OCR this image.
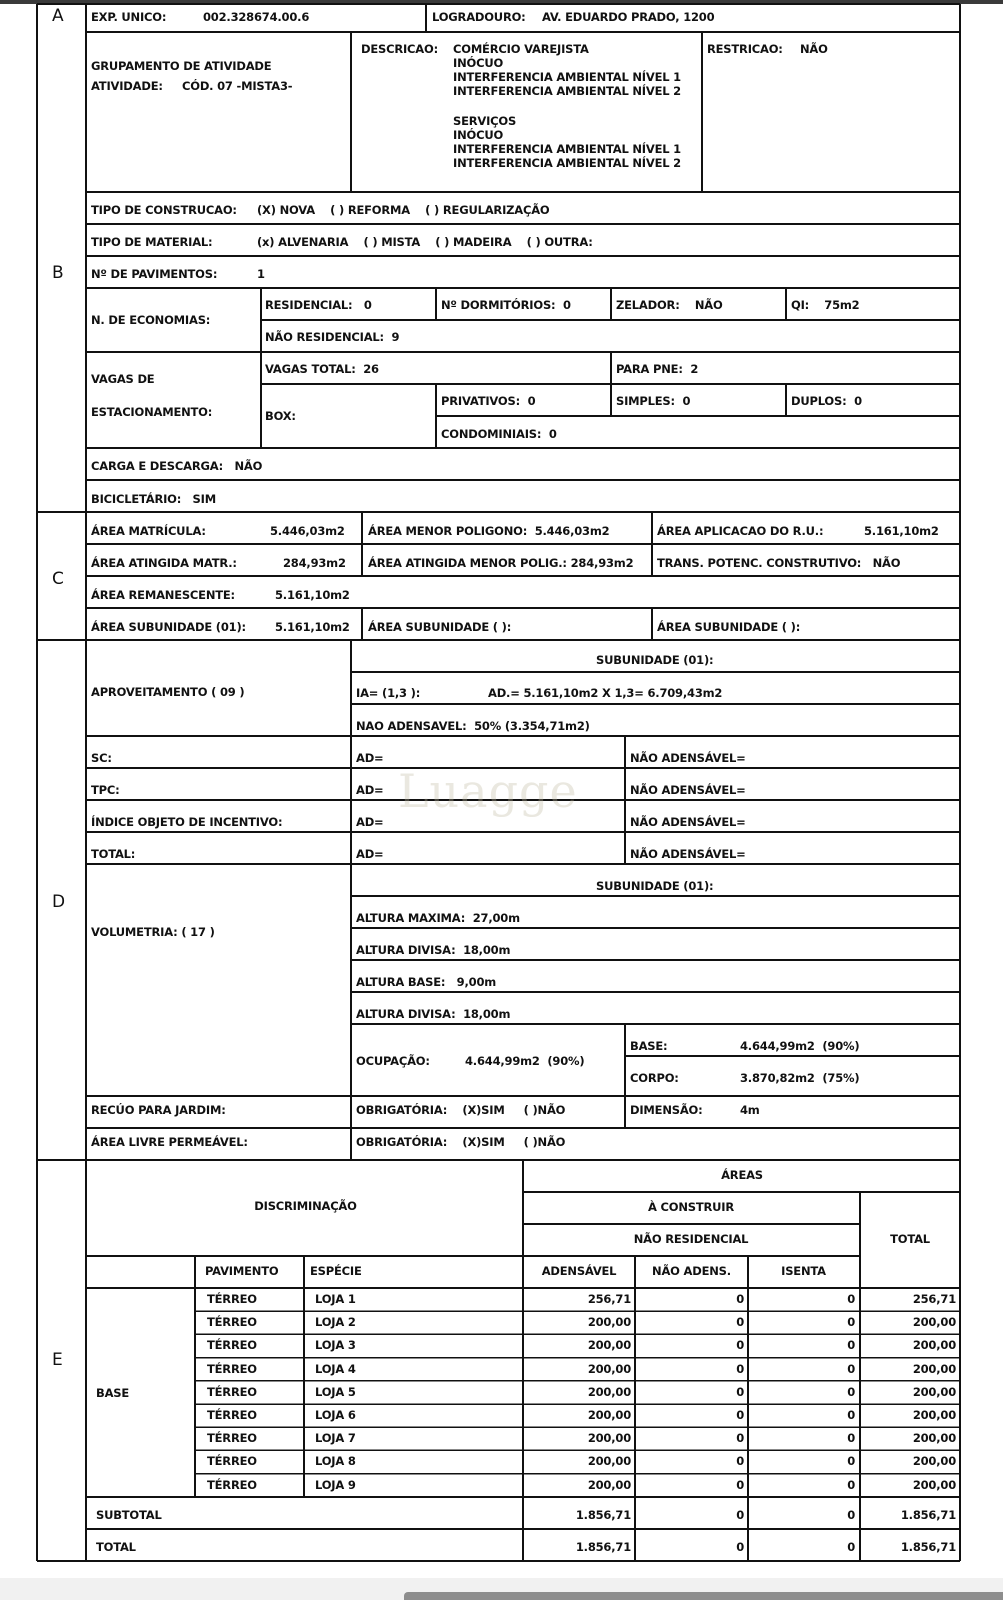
A
B
C
D
E
EXP. UNICO:	002.328674.00.6	LOGRADOURO: AV. EDUARDO PRADO, 1200
GRUPAMENTO DE ATIVIDADE
ATIVIDADE: CÓD. 07 -MISTA3-
DESCRICAO: COMÉRCIO VAREJISTA
INÓCUO
INTERFERENCIA AMBIENTAL NÍVEL 1
INTERFERENCIA AMBIENTAL NÍVEL 2
SERVIÇOS
INÓCUO
INTERFERENCIA AMBIENTAL NÍVEL 1
INTERFERENCIA AMBIENTAL NÍVEL 2
RESTRICAO: NÃO
TIPO DE CONSTRUCAO: (X) NOVA    ( ) REFORMA    ( ) REGULARIZAÇÃO
TIPO DE MATERIAL:	(x) ALVENARIA    ( ) MISTA    ( ) MADEIRA    ( ) OUTRA:
Nº DE PAVIMENTOS:	1
N. DE ECONOMIAS:
RESIDENCIAL:   0	Nº DORMITÓRIOS:  0	ZELADOR:    NÃO	QI:    75m2
NÃO RESIDENCIAL:  9
VAGAS DE
ESTACIONAMENTO:
VAGAS TOTAL:  26	PARA PNE:  2
BOX:
PRIVATIVOS:  0	SIMPLES:  0	DUPLOS:  0
CONDOMINIAIS:  0
CARGA E DESCARGA:   NÃO
BICICLETÁRIO:   SIM
ÁREA MATRÍCULA:	5.446,03m2 ÁREA MENOR POLIGONO:  5.446,03m2	ÁREA APLICACAO DO R.U.:	5.161,10m2
ÁREA ATINGIDA MATR.:	284,93m2 ÁREA ATINGIDA MENOR POLIG.: 284,93m2 TRANS. POTENC. CONSTRUTIVO:   NÃO
ÁREA REMANESCENTE:	5.161,10m2
ÁREA SUBUNIDADE (01):	5.161,10m2 ÁREA SUBUNIDADE ( ):	ÁREA SUBUNIDADE ( ):
SUBUNIDADE (01):
APROVEITAMENTO ( 09 )	IA= (1,3 ):	AD.= 5.161,10m2 X 1,3= 6.709,43m2
NAO ADENSAVEL:  50% (3.354,71m2)
SC:	AD=	NÃO ADENSÁVEL=
TPC:	AD=	NÃO ADENSÁVEL=
ÍNDICE OBJETO DE INCENTIVO:	AD=	NÃO ADENSÁVEL=
TOTAL:	AD=	NÃO ADENSÁVEL=
SUBUNIDADE (01):
VOLUMETRIA: ( 17 )
ALTURA MAXIMA:  27,00m
ALTURA DIVISA:  18,00m
ALTURA BASE:   9,00m
ALTURA DIVISA:  18,00m
OCUPAÇÃO:	4.644,99m2  (90%)
BASE:	4.644,99m2  (90%)
CORPO:	3.870,82m2  (75%)
RECÚO PARA JARDIM:	OBRIGATÓRIA:    (X)SIM     ( )NÃO	DIMENSÃO:	4m
ÁREA LIVRE PERMEÁVEL:	OBRIGATÓRIA:    (X)SIM     ( )NÃO
DISCRIMINAÇÃO
ÁREAS
À CONSTRUIR
NÃO RESIDENCIAL	TOTAL
PAVIMENTO	ESPÉCIE	ADENSÁVEL	NÃO ADENS.	ISENTA
BASE
TÉRREO	LOJA 1	256,71	0	0	256,71
TÉRREO	LOJA 2	200,00	0	0	200,00
TÉRREO	LOJA 3	200,00	0	0	200,00
TÉRREO	LOJA 4	200,00	0	0	200,00
TÉRREO	LOJA 5	200,00	0	0	200,00
TÉRREO	LOJA 6	200,00	0	0	200,00
TÉRREO	LOJA 7	200,00	0	0	200,00
TÉRREO	LOJA 8	200,00	0	0	200,00
TÉRREO	LOJA 9	200,00	0	0	200,00
SUBTOTAL	1.856,71	0	0	1.856,71
TOTAL	1.856,71	0	0	1.856,71
Luagge
